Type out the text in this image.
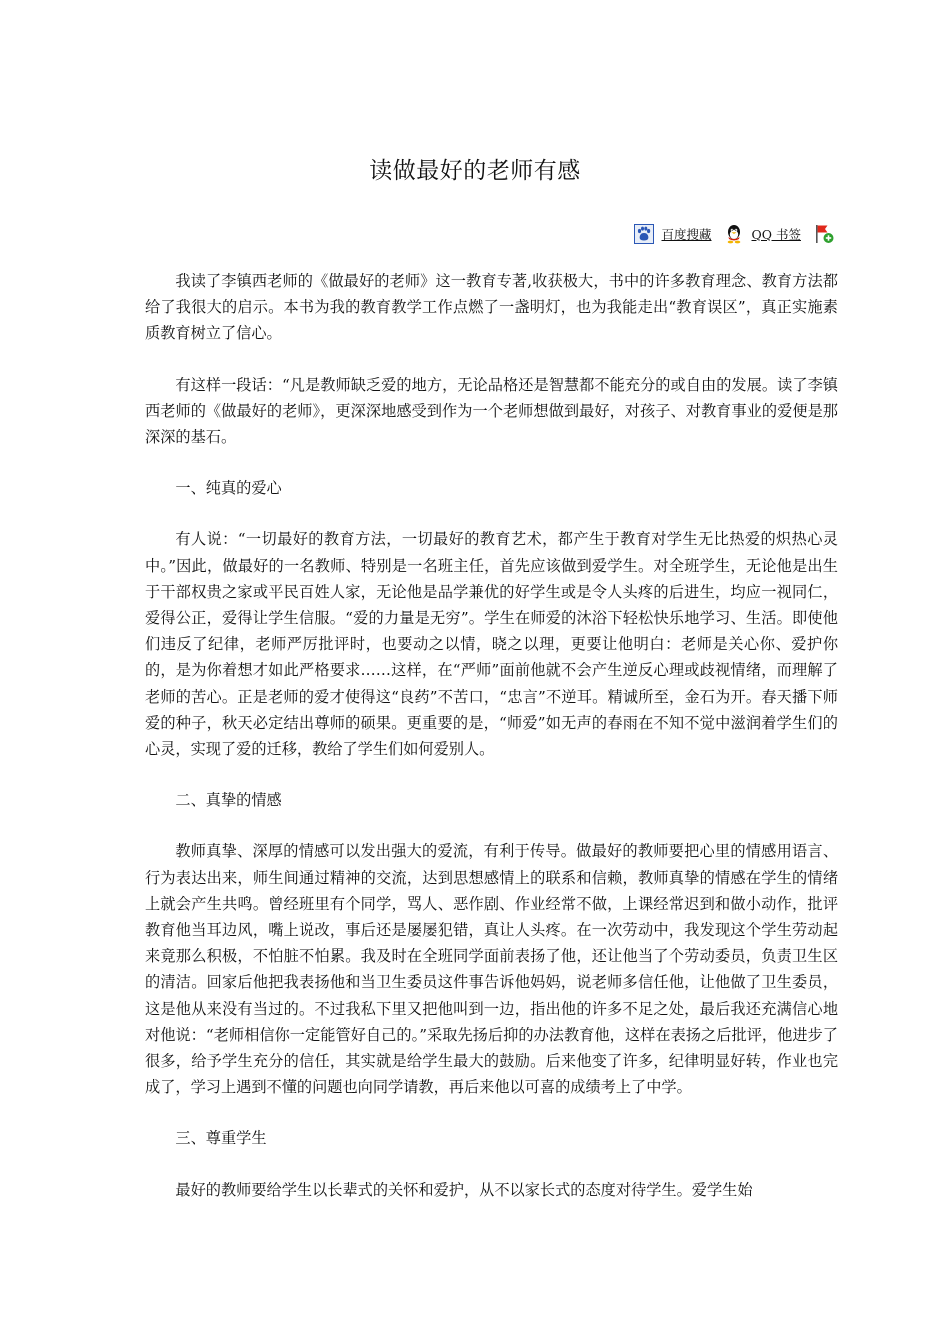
读做最好的老师有感
百度搜藏	QQ 书签

我读了李镇西老师的《做最好的老师》这一教育专著,收获极大，书中的许多教育理念、教育方法都给了我很大的启示。本书为我的教育教学工作点燃了一盏明灯，也为我能走出“教育误区”，真正实施素质教育树立了信心。

有这样一段话：“凡是教师缺乏爱的地方，无论品格还是智慧都不能充分的或自由的发展。读了李镇西老师的《做最好的老师》，更深深地感受到作为一个老师想做到最好，对孩子、对教育事业的爱便是那深深的基石。

一、纯真的爱心

有人说：“一切最好的教育方法，一切最好的教育艺术，都产生于教育对学生无比热爱的炽热心灵中。”因此，做最好的一名教师、特别是一名班主任，首先应该做到爱学生。对全班学生，无论他是出生于干部权贵之家或平民百姓人家，无论他是品学兼优的好学生或是令人头疼的后进生，均应一视同仁，爱得公正，爱得让学生信服。“爱的力量是无穷”。学生在师爱的沐浴下轻松快乐地学习、生活。即使他们违反了纪律，老师严厉批评时，也要动之以情，晓之以理，更要让他明白：老师是关心你、爱护你的，是为你着想才如此严格要求……这样，在“严师”面前他就不会产生逆反心理或歧视情绪，而理解了老师的苦心。正是老师的爱才使得这“良药”不苦口，“忠言”不逆耳。精诚所至，金石为开。春天播下师爱的种子，秋天必定结出尊师的硕果。更重要的是，“师爱”如无声的春雨在不知不觉中滋润着学生们的心灵，实现了爱的迁移，教给了学生们如何爱别人。

二、真挚的情感

教师真挚、深厚的情感可以发出强大的爱流，有利于传导。做最好的教师要把心里的情感用语言、行为表达出来，师生间通过精神的交流，达到思想感情上的联系和信赖，教师真挚的情感在学生的情绪上就会产生共鸣。曾经班里有个同学，骂人、恶作剧、作业经常不做，上课经常迟到和做小动作，批评教育他当耳边风，嘴上说改，事后还是屡屡犯错，真让人头疼。在一次劳动中，我发现这个学生劳动起来竟那么积极，不怕脏不怕累。我及时在全班同学面前表扬了他，还让他当了个劳动委员，负责卫生区的清洁。回家后他把我表扬他和当卫生委员这件事告诉他妈妈，说老师多信任他，让他做了卫生委员，这是他从来没有当过的。不过我私下里又把他叫到一边，指出他的许多不足之处，最后我还充满信心地对他说：“老师相信你一定能管好自己的。”采取先扬后抑的办法教育他，这样在表扬之后批评，他进步了很多，给予学生充分的信任，其实就是给学生最大的鼓励。后来他变了许多，纪律明显好转，作业也完成了，学习上遇到不懂的问题也向同学请教，再后来他以可喜的成绩考上了中学。

三、尊重学生

最好的教师要给学生以长辈式的关怀和爱护，从不以家长式的态度对待学生。爱学生始
